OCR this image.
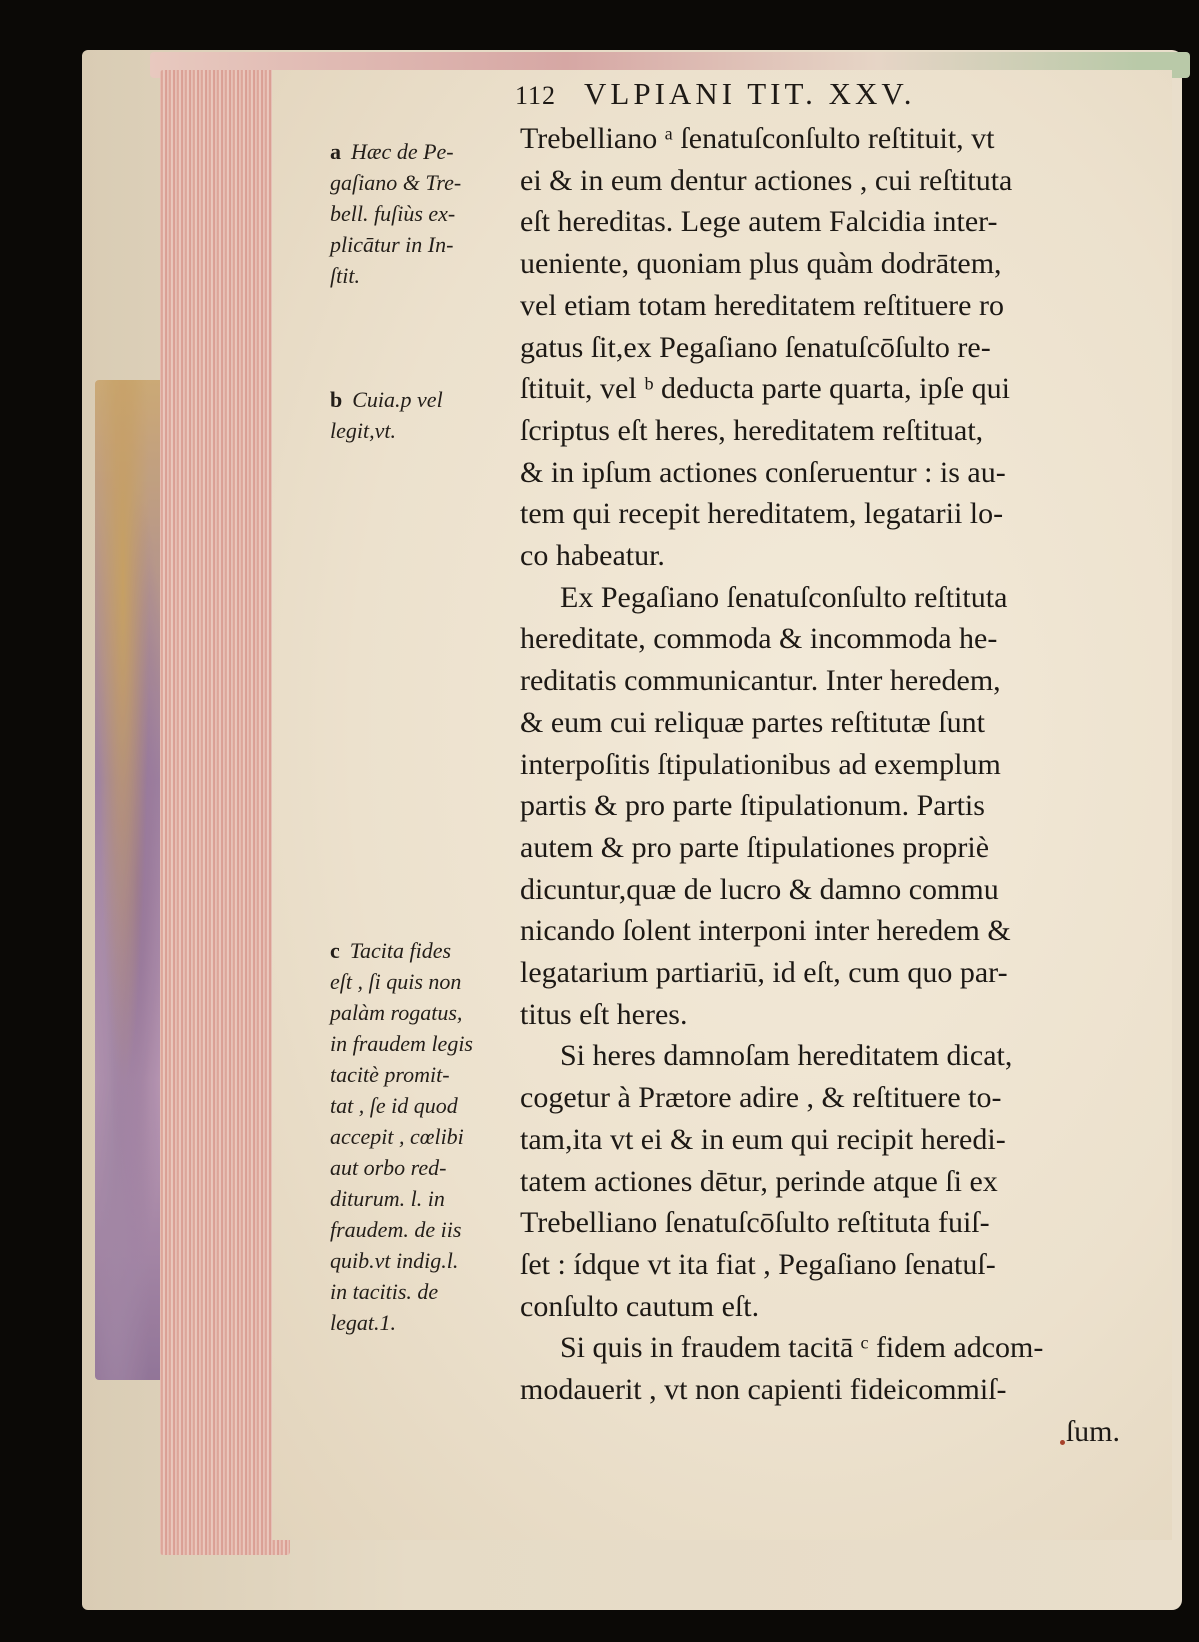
112 VLPIANI TIT. XXV.
a Hæc de Pe-
gaſiano & Tre-
bell. fuſiùs ex-
plicātur in In-
ſtit.
b Cuia.p vel
legit,vt.
c Tacita fides
eſt , ſi quis non
palàm rogatus,
in fraudem legis
tacitè promit-
tat , ſe id quod
accepit , cœlibi
aut orbo red-
diturum. l. in
fraudem. de iis
quib.vt indig.l.
in tacitis. de
legat.1.
Trebelliano ᵃ ſenatuſconſulto reſtituit, vt
ei & in eum dentur actiones , cui reſtituta
eſt hereditas. Lege autem Falcidia inter-
ueniente, quoniam plus quàm dodrātem,
vel etiam totam hereditatem reſtituere ro
gatus ſit,ex Pegaſiano ſenatuſcōſulto re-
ſtituit, vel ᵇ deducta parte quarta, ipſe qui
ſcriptus eſt heres, hereditatem reſtituat,
& in ipſum actiones conſeruentur : is au-
tem qui recepit hereditatem, legatarii lo-
co habeatur.
Ex Pegaſiano ſenatuſconſulto reſtituta
hereditate, commoda & incommoda he-
reditatis communicantur. Inter heredem,
& eum cui reliquæ partes reſtitutæ ſunt
interpoſitis ſtipulationibus ad exemplum
partis & pro parte ſtipulationum. Partis
autem & pro parte ſtipulationes propriè
dicuntur,quæ de lucro & damno commu
nicando ſolent interponi inter heredem &
legatarium partiariū, id eſt, cum quo par-
titus eſt heres.
Si heres damnoſam hereditatem dicat,
cogetur à Prætore adire , & reſtituere to-
tam,ita vt ei & in eum qui recipit heredi-
tatem actiones dētur, perinde atque ſi ex
Trebelliano ſenatuſcōſulto reſtituta fuiſ-
ſet : ídque vt ita fiat , Pegaſiano ſenatuſ-
conſulto cautum eſt.
Si quis in fraudem tacitā ᶜ fidem adcom-
modauerit , vt non capienti fideicommiſ-
ſum.
